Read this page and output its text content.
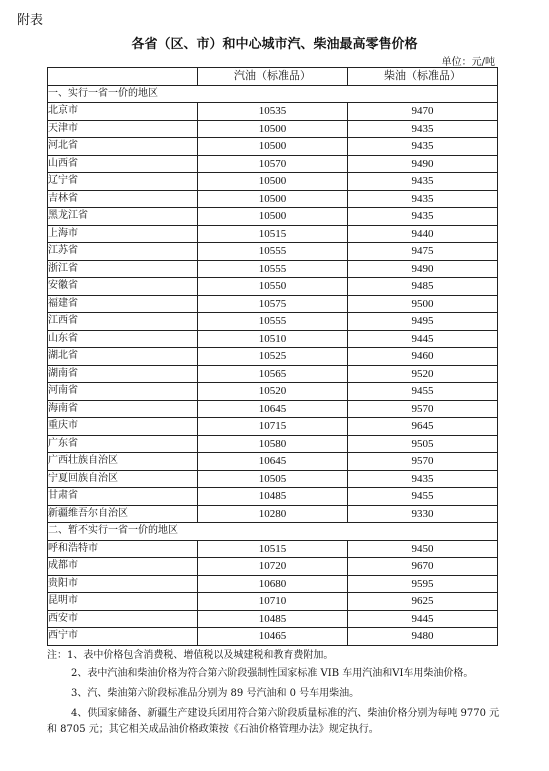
附表
各省（区、市）和中心城市汽、柴油最高零售价格
单位：元/吨
	汽油（标准品）	柴油（标准品）
一、实行一省一价的地区		
北京市	10535	9470
天津市	10500	9435
河北省	10500	9435
山西省	10570	9490
辽宁省	10500	9435
吉林省	10500	9435
黑龙江省	10500	9435
上海市	10515	9440
江苏省	10555	9475
浙江省	10555	9490
安徽省	10550	9485
福建省	10575	9500
江西省	10555	9495
山东省	10510	9445
湖北省	10525	9460
湖南省	10565	9520
河南省	10520	9455
海南省	10645	9570
重庆市	10715	9645
广东省	10580	9505
广西壮族自治区	10645	9570
宁夏回族自治区	10505	9435
甘肃省	10485	9455
新疆维吾尔自治区	10280	9330
二、暂不实行一省一价的地区		
呼和浩特市	10515	9450
成都市	10720	9670
贵阳市	10680	9595
昆明市	10710	9625
西安市	10485	9445
西宁市	10465	9480

注：1、表中价格包含消费税、增值税以及城建税和教育费附加。

2、表中汽油和柴油价格为符合第六阶段强制性国家标准 VIB 车用汽油和VI车用柴油价格。

3、汽、柴油第六阶段标准品分别为 89 号汽油和 0 号车用柴油。

4、供国家储备、新疆生产建设兵团用符合第六阶段质量标准的汽、柴油价格分别为每吨 9770 元和 8705 元；其它相关成品油价格政策按《石油价格管理办法》规定执行。
